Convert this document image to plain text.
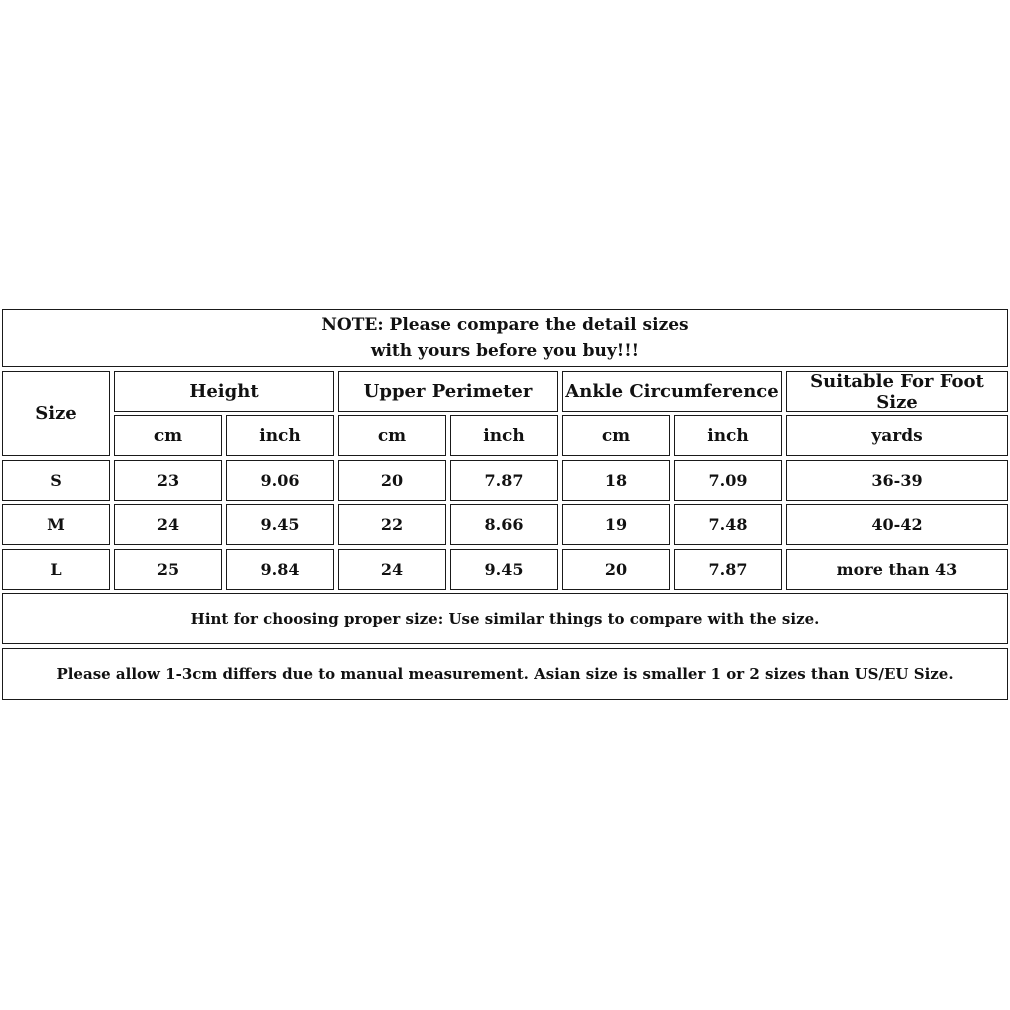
NOTE: Please compare the detail sizes
with yours before you buy!!!
Size
Height	Upper Perimeter	Ankle Circumference	Suitable For Foot Size
cm	inch	cm	inch	cm	inch	yards
S	23	9.06	20	7.87	18	7.09	36-39
M	24	9.45	22	8.66	19	7.48	40-42
L	25	9.84	24	9.45	20	7.87	more than 43
Hint for choosing proper size: Use similar things to compare with the size.
Please allow 1-3cm differs due to manual measurement. Asian size is smaller 1 or 2 sizes than US/EU Size.
